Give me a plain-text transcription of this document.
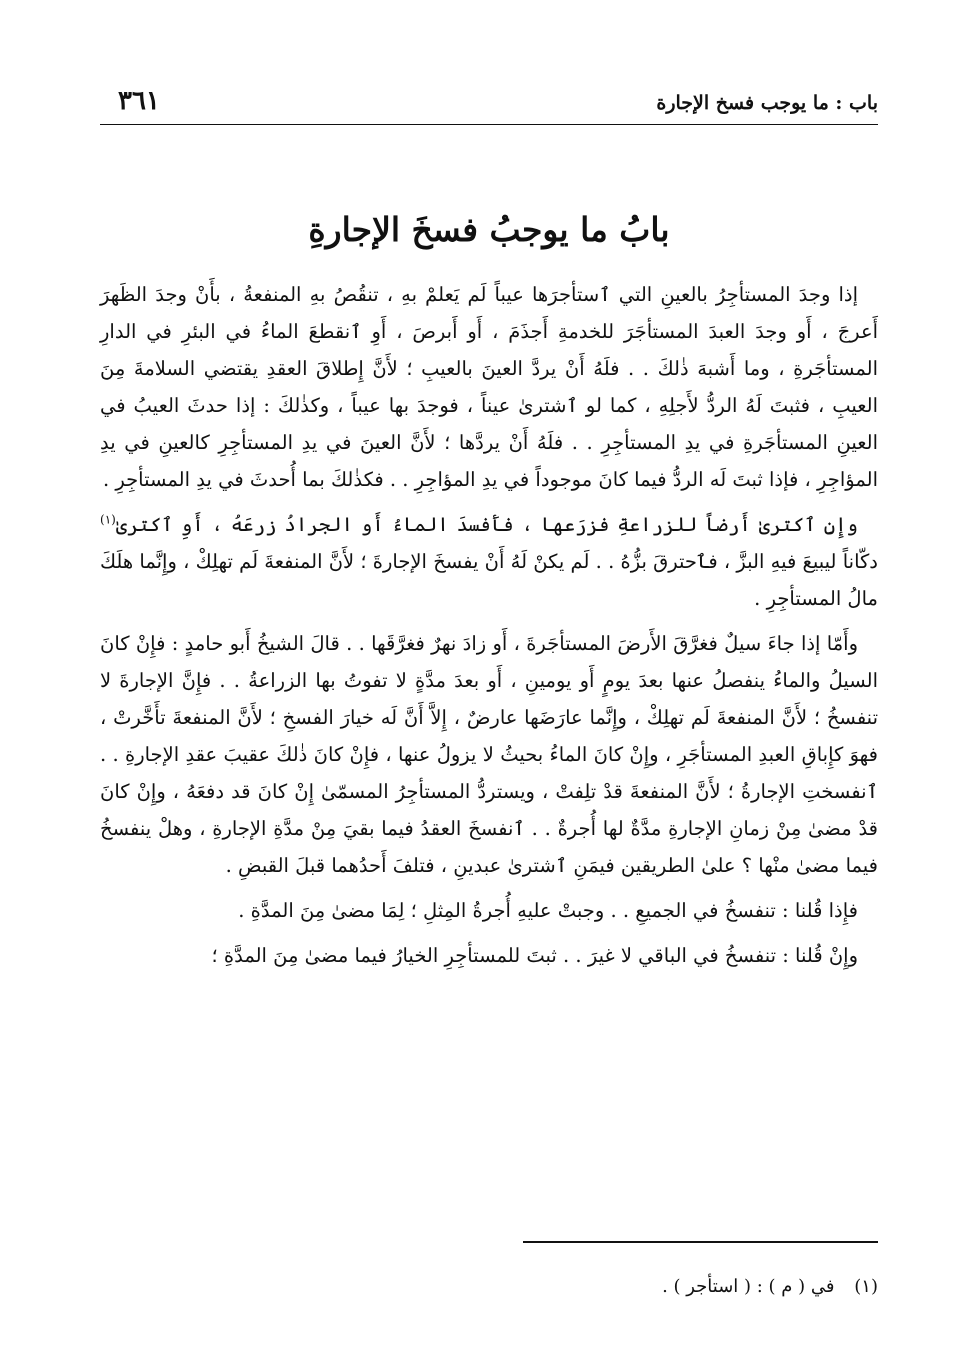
باب : ما يوجب فسخ الإجارة
٣٦١
بابُ ما يوجبُ فسخَ الإجارةِ

إذا وجدَ المستأجِرُ بالعينِ التي ٱستأجرَها عيباً لَم يَعلمْ بهِ ، تنقُصُ بهِ المنفعةُ ، بأَنْ وجدَ الظَهرَ أَعرجَ ، أَو وجدَ العبدَ المستأجَرَ للخدمةِ أَجذَمَ ، أَو أَبرصَ ، أَوِ ٱنقطعَ الماءُ في البئرِ في الدارِ المستأجَرةِ ، وما أَشبهَ ذٰلكَ . . فلَهُ أَنْ يردَّ العينَ بالعيبِ ؛ لأَنَّ إِطلاقَ العقدِ يقتضي السلامةَ مِنَ العيبِ ، فثبتَ لَهُ الردُّ لأَجلِهِ ، كما لو ٱشترىٰ عيناً ، فوجدَ بها عيباً ، وكذٰلكَ : إذا حدثَ العيبُ في العينِ المستأجَرةِ في يدِ المستأجِرِ . . فلَهُ أَنْ يردَّها ؛ لأَنَّ العينَ في يدِ المستأجِرِ كالعينِ في يدِ المؤاجِرِ ، فإذا ثبتَ لَه الردُّ فيما كانَ موجوداً في يدِ المؤاجِرِ . . فكذٰلكَ بما أُحدثَ في يدِ المستأجِرِ .

وإِنِ ٱكترىٰ أَرضاً للزراعةِ فزرَعها ، فأَفسدَ الماءُ أَو الجرادُ زرعَهُ ، أَوِ ٱكترىٰ$^{(١)}$ دكّاناً ليبيعَ فيهِ البزَّ ، فٱحترقَ بزُّهُ . . لَم يكنْ لَهُ أَنْ يفسخَ الإجارةَ ؛ لأَنَّ المنفعةَ لَم تهلِكْ ، وإِنَّما هلَكَ مالُ المستأجِرِ .

وأَمّا إذا جاءَ سيلٌ فغرَّقَ الأَرضَ المستأجَرةَ ، أَو زادَ نهرٌ فغرَّقَها . . قالَ الشيخُ أَبو حامدٍ : فإِنْ كانَ السيلُ والماءُ ينفصلُ عنها بعدَ يومٍ أَو يومينِ ، أَو بعدَ مدَّةٍ لا تفوتُ بها الزراعةُ . . فإِنَّ الإجارةَ لا تنفسخُ ؛ لأَنَّ المنفعةَ لَم تهلِكْ ، وإِنَّما عارَضَها عارضٌ ، إِلاَّ أَنَّ لَه خيارَ الفسخِ ؛ لأَنَّ المنفعةَ تأَخَّرتْ ، فهوَ كإِباقِ العبدِ المستأجَرِ ، وإِنْ كانَ الماءُ بحيثُ لا يزولُ عنها ، فإِنْ كانَ ذٰلكَ عقيبَ عقدِ الإجارةِ . . ٱنفسختِ الإجارةُ ؛ لأَنَّ المنفعةَ قدْ تلِفتْ ، ويستردُّ المستأجِرُ المسمّىٰ إِنْ كانَ قد دفعَهُ ، وإِنْ كانَ قدْ مضىٰ مِنْ زمانِ الإجارةِ مدَّةٌ لها أُجرةٌ . . ٱنفسخَ العقدُ فيما بقيَ مِنْ مدَّةِ الإجارةِ ، وهلْ ينفسخُ فيما مضىٰ منْها ؟ علىٰ الطريقين فيمَنِ ٱشترىٰ عبدينِ ، فتلفَ أَحدُهما قبلَ القبضِ .

فإِذا قُلنا : تنفسخُ في الجميعِ . . وجبتْ عليهِ أُجرةُ المِثلِ ؛ لِمَا مضىٰ مِنَ المدَّةِ .

وإِنْ قُلنا : تنفسخُ في الباقي لا غيرَ . . ثبتَ للمستأجِرِ الخيارُ فيما مضىٰ مِنَ المدَّةِ ؛

(١) في ( م ) : ( استأجر ) .
